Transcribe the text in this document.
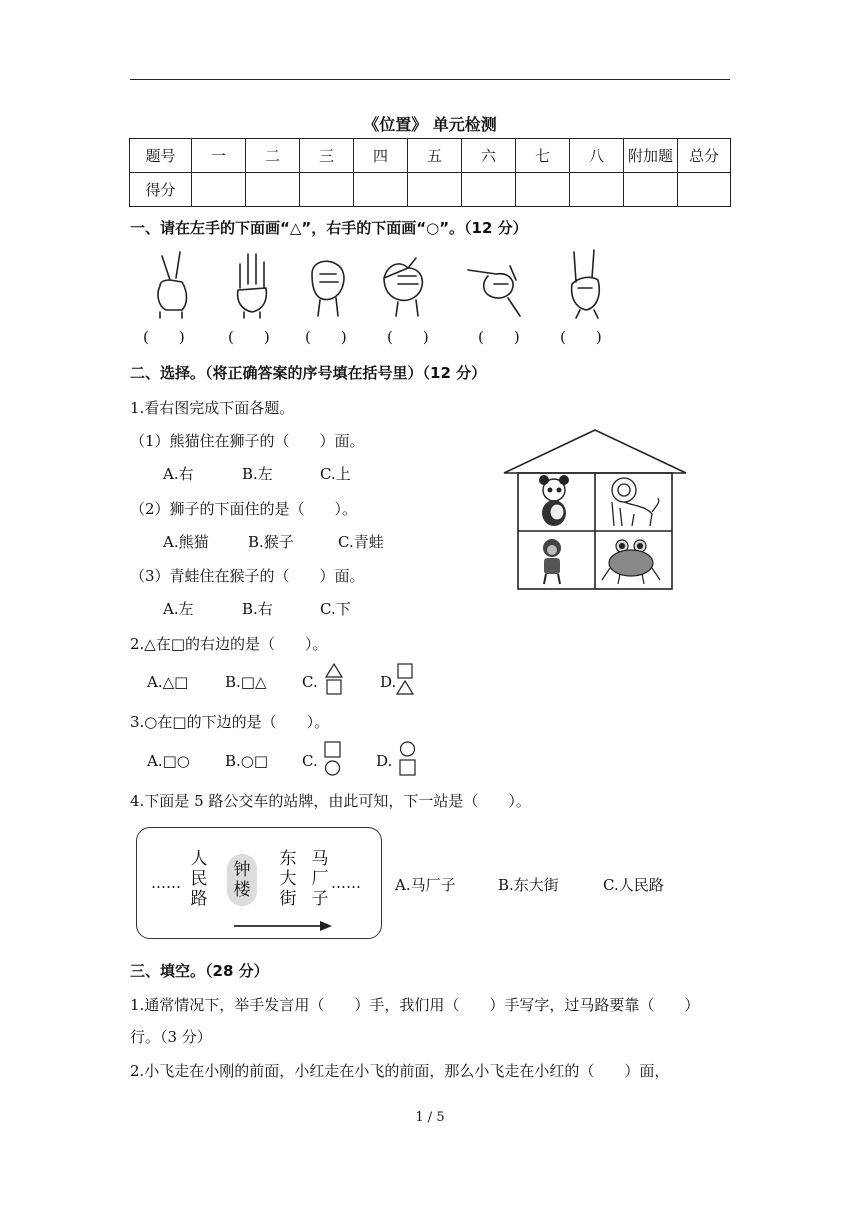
《位置》 单元检测
题号	一	二	三	四	五	六	七	八	附加题	总分
得分										
一、请在左手的下面画“△”，右手的下面画“○”。（12 分）
(　　)	(　　) (　　)	(　　)	(　　)	(　　)
二、选择。（将正确答案的序号填在括号里）（12 分）
1.看右图完成下面各题。
（1）熊猫住在狮子的（　　）面。
A.右	B.左	C.上
（2）狮子的下面住的是（　　）。
A.熊猫	B.猴子	C.青蛙
（3）青蛙住在猴子的（　　）面。
A.左	B.右	C.下
2.△在□的右边的是（　　）。
A.△□ B.□△ C.	D.
3.○在□的下边的是（　　）。
A.□○ B.○□ C.	D.
4.下面是 5 路公交车的站牌，由此可知，下一站是（　　）。
……
人
民
路
钟
楼
东
大
街
马
厂
子
…… A.马厂子	B.东大街	C.人民路
三、填空。（28 分）
1.通常情况下，举手发言用（　　）手，我们用（　　）手写字，过马路要靠（　　）
行。（3 分）
2.小飞走在小刚的前面，小红走在小飞的前面，那么小飞走在小红的（　　）面，
1 / 5
